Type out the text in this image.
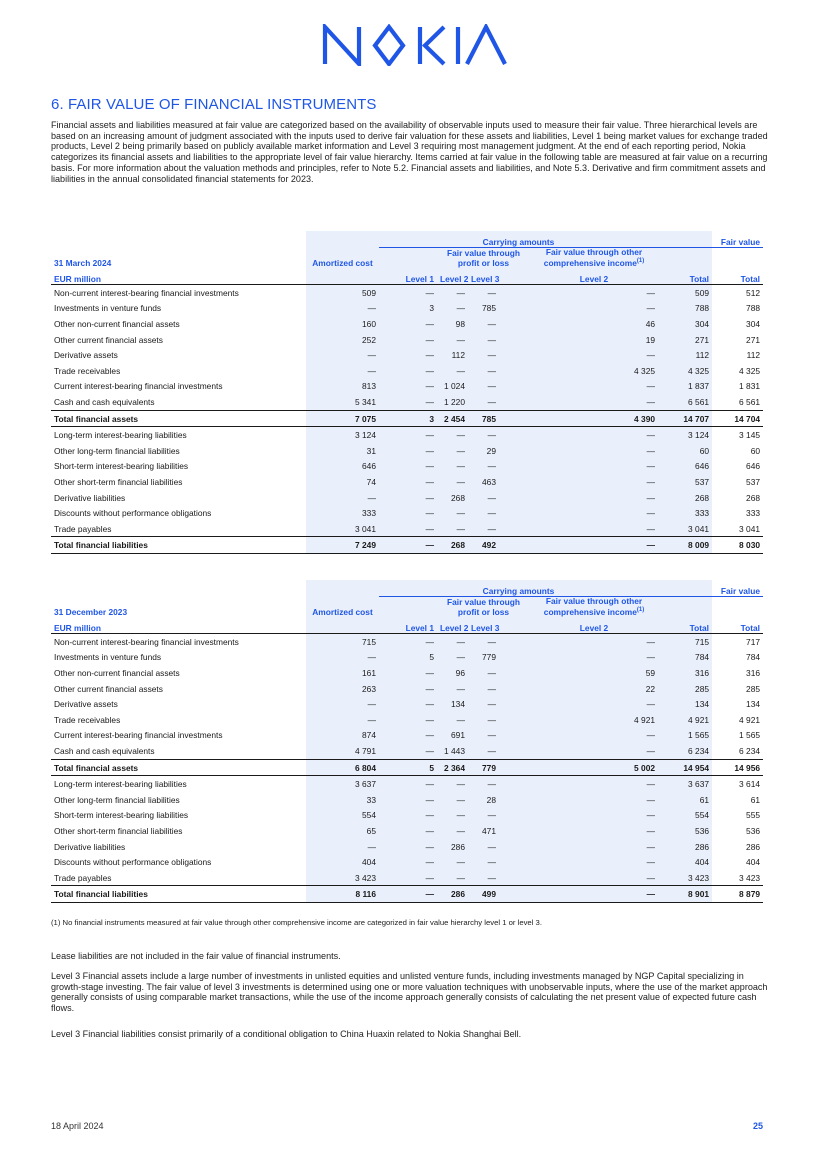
6. FAIR VALUE OF FINANCIAL INSTRUMENTS

Financial assets and liabilities measured at fair value are categorized based on the availability of observable inputs used to measure their fair value. Three hierarchical levels are based on an increasing amount of judgment associated with the inputs used to derive fair valuation for these assets and liabilities, Level 1 being market values for exchange traded products, Level 2 being primarily based on publicly available market information and Level 3 requiring most management judgment. At the end of each reporting period, Nokia categorizes its financial assets and liabilities to the appropriate level of fair value hierarchy. Items carried at fair value in the following table are measured at fair value on a recurring basis. For more information about the valuation methods and principles, refer to Note 5.2. Financial assets and liabilities, and Note 5.3. Derivative and firm commitment assets and liabilities in the annual consolidated financial statements for 2023.

		Carrying amounts						Fair value
31 March 2024	Amortized cost		Fair value through profit or loss			Fair value through other comprehensive income$^{(1)}$		
EUR million		Level 1	Level 2	Level 3		Level 2	Total	Total
Non-current interest-bearing financial investments	509	—	—	—		—	509	512
Investments in venture funds	—	3	—	785		—	788	788
Other non-current financial assets	160	—	98	—		46	304	304
Other current financial assets	252	—	—	—		19	271	271
Derivative assets	—	—	112	—		—	112	112
Trade receivables	—	—	—	—		4 325	4 325	4 325
Current interest-bearing financial investments	813	—	1 024	—		—	1 837	1 831
Cash and cash equivalents	5 341	—	1 220	—		—	6 561	6 561
Total financial assets	7 075	3	2 454	785		4 390	14 707	14 704
Long-term interest-bearing liabilities	3 124	—	—	—		—	3 124	3 145
Other long-term financial liabilities	31	—	—	29		—	60	60
Short-term interest-bearing liabilities	646	—	—	—		—	646	646
Other short-term financial liabilities	74	—	—	463		—	537	537
Derivative liabilities	—	—	268	—		—	268	268
Discounts without performance obligations	333	—	—	—		—	333	333
Trade payables	3 041	—	—	—		—	3 041	3 041
Total financial liabilities	7 249	—	268	492		—	8 009	8 030
		Carrying amounts						Fair value
31 December 2023	Amortized cost		Fair value through profit or loss			Fair value through other comprehensive income$^{(1)}$		
EUR million		Level 1	Level 2	Level 3		Level 2	Total	Total
Non-current interest-bearing financial investments	715	—	—	—		—	715	717
Investments in venture funds	—	5	—	779		—	784	784
Other non-current financial assets	161	—	96	—		59	316	316
Other current financial assets	263	—	—	—		22	285	285
Derivative assets	—	—	134	—		—	134	134
Trade receivables	—	—	—	—		4 921	4 921	4 921
Current interest-bearing financial investments	874	—	691	—		—	1 565	1 565
Cash and cash equivalents	4 791	—	1 443	—		—	6 234	6 234
Total financial assets	6 804	5	2 364	779		5 002	14 954	14 956
Long-term interest-bearing liabilities	3 637	—	—	—		—	3 637	3 614
Other long-term financial liabilities	33	—	—	28		—	61	61
Short-term interest-bearing liabilities	554	—	—	—		—	554	555
Other short-term financial liabilities	65	—	—	471		—	536	536
Derivative liabilities	—	—	286	—		—	286	286
Discounts without performance obligations	404	—	—	—		—	404	404
Trade payables	3 423	—	—	—		—	3 423	3 423
Total financial liabilities	8 116	—	286	499		—	8 901	8 879
(1) No financial instruments measured at fair value through other comprehensive income are categorized in fair value hierarchy level 1 or level 3.

Lease liabilities are not included in the fair value of financial instruments.

Level 3 Financial assets include a large number of investments in unlisted equities and unlisted venture funds, including investments managed by NGP Capital specializing in growth-stage investing. The fair value of level 3 investments is determined using one or more valuation techniques with unobservable inputs, where the use of the market approach generally consists of using comparable market transactions, while the use of the income approach generally consists of calculating the net present value of expected future cash flows.

Level 3 Financial liabilities consist primarily of a conditional obligation to China Huaxin related to Nokia Shanghai Bell.

18 April 2024	25
